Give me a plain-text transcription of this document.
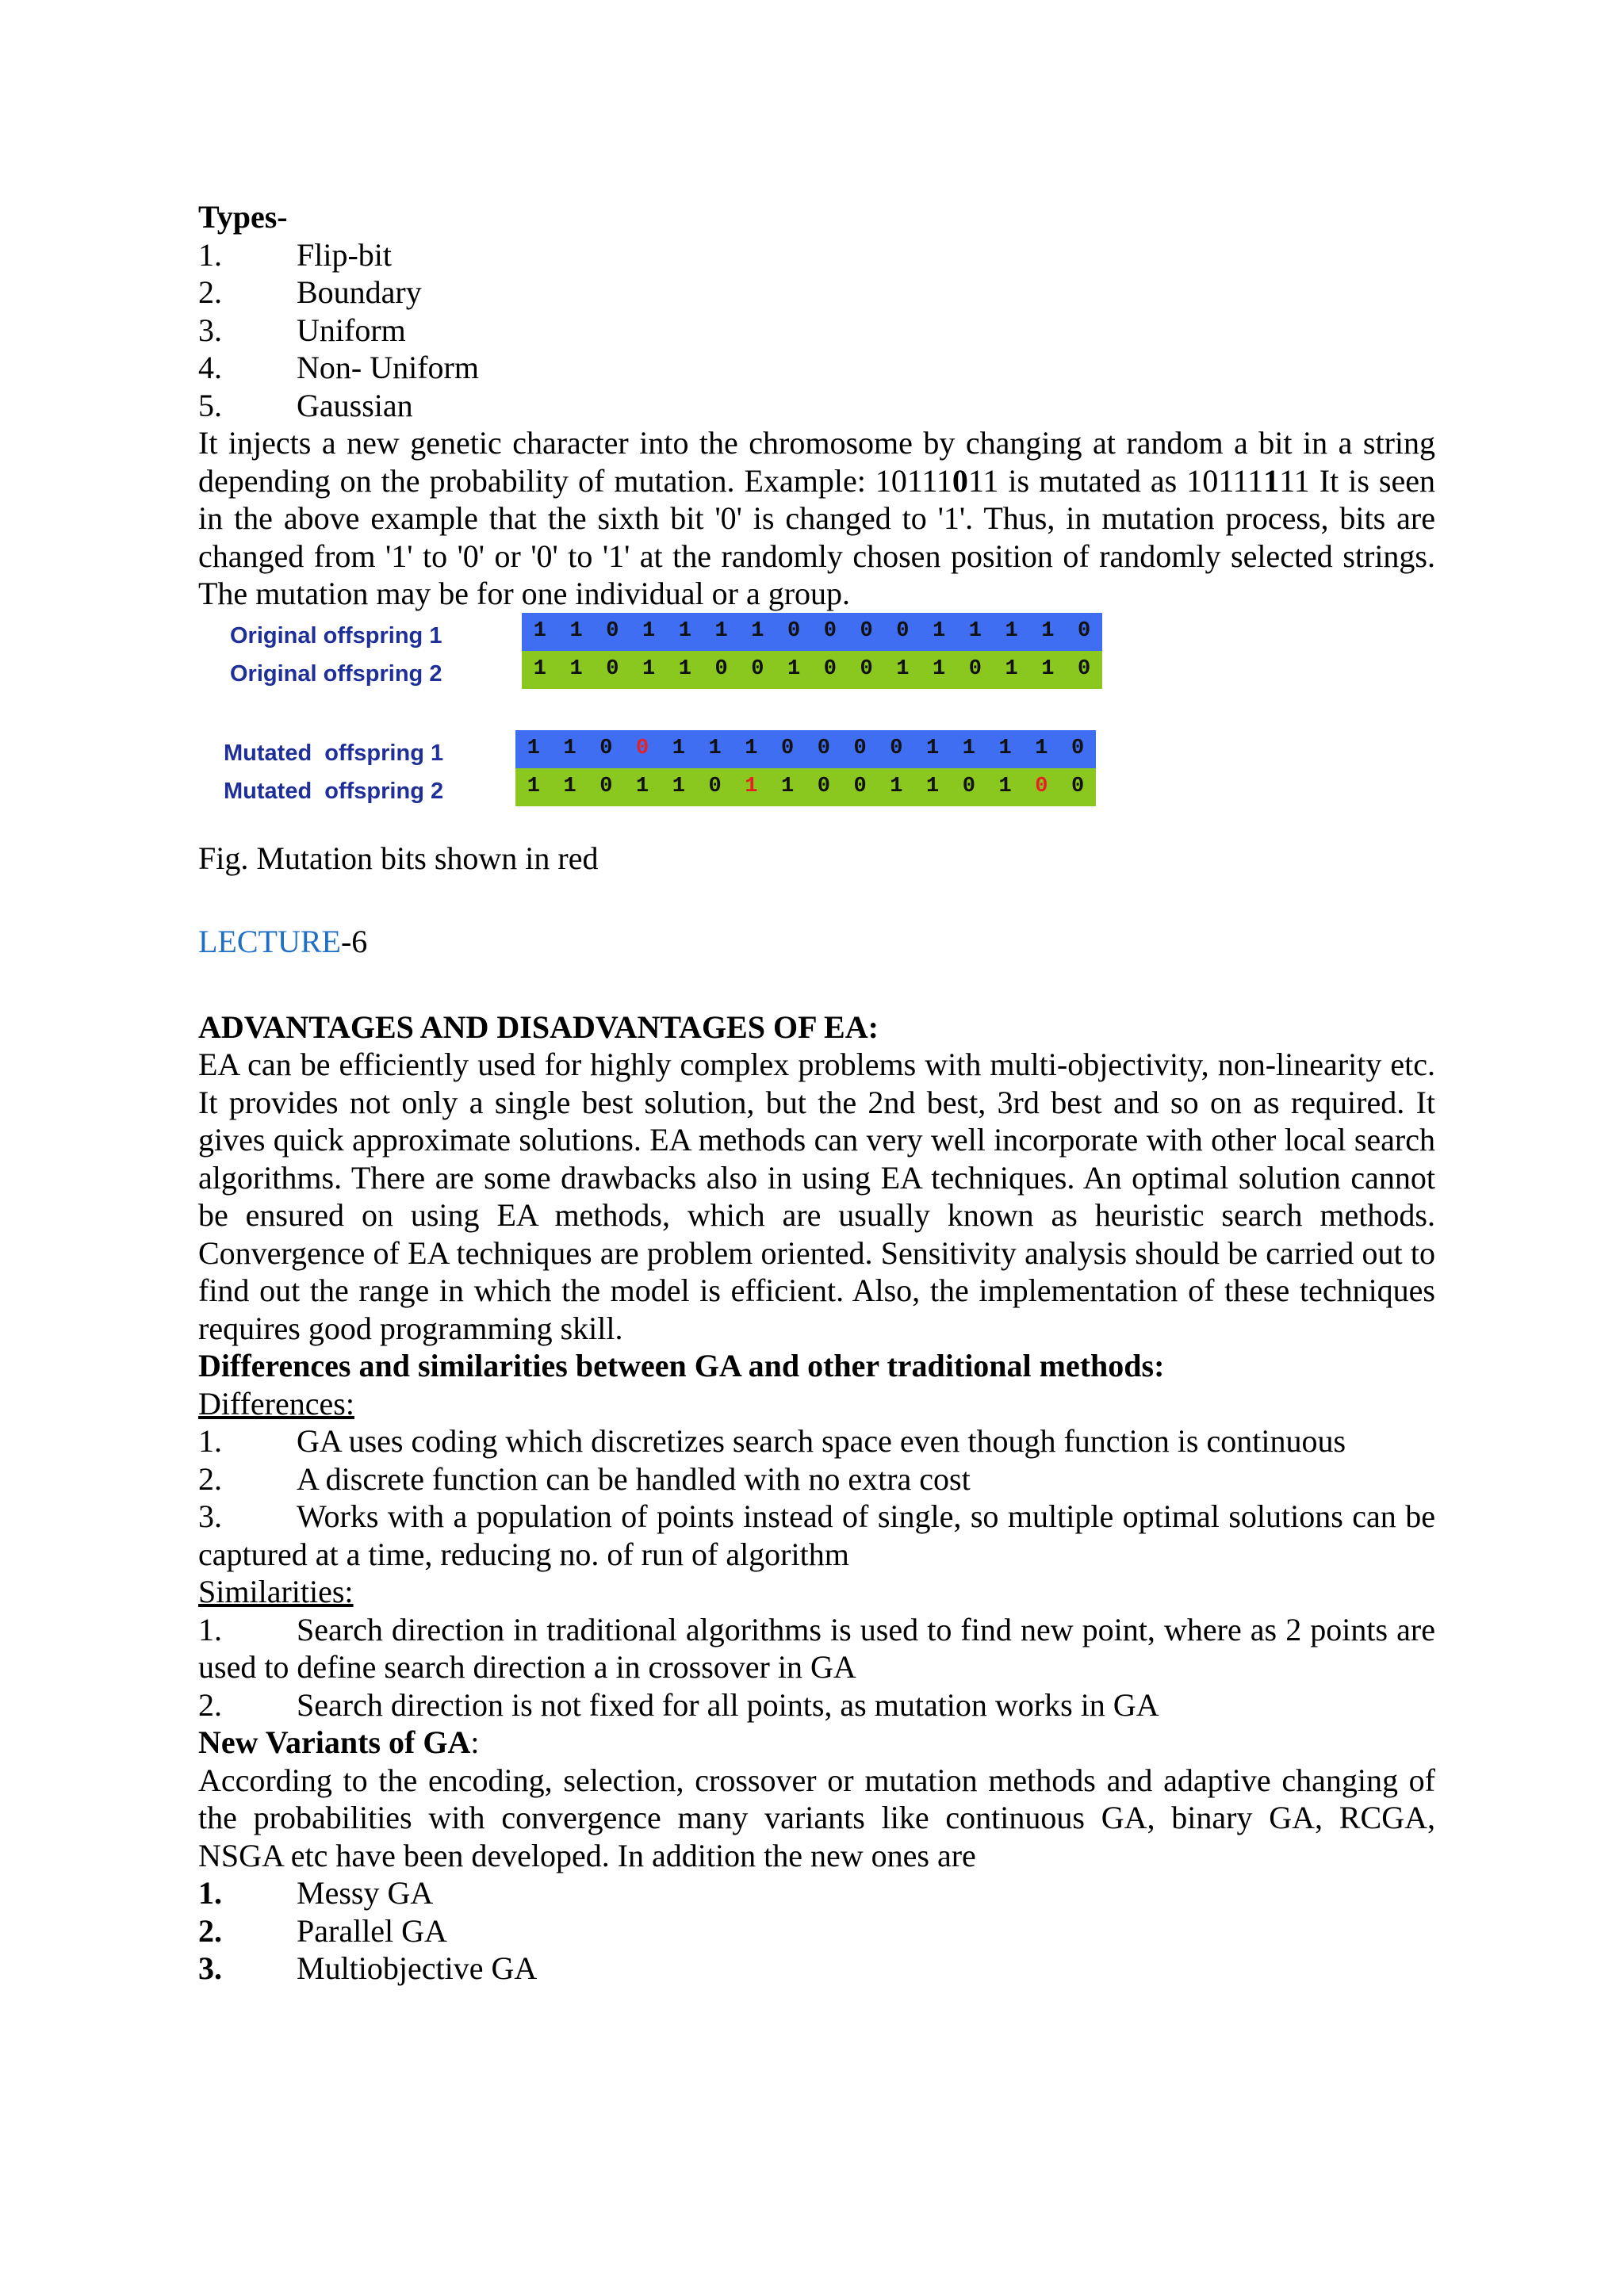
Types-
1. Flip-bit
2. Boundary
3. Uniform
4. Non- Uniform
5. Gaussian
It injects a new genetic character into the chromosome by changing at random a bit in a string depending on the probability of mutation. Example: 10111011 is mutated as 10111111 It is seen in the above example that the sixth bit '0' is changed to '1'. Thus, in mutation process, bits are changed from '1' to '0' or '0' to '1' at the randomly chosen position of randomly selected strings. The mutation may be for one individual or a group.
Original offspring 1	1	1	0	1	1	1	1	0	0	0	0	1	1	1	1	0
Original offspring 2	1	1	0	1	1	0	0	1	0	0	1	1	0	1	1	0
Mutated  offspring 1	1	1	0	0	1	1	1	0	0	0	0	1	1	1	1	0
Mutated  offspring 2	1	1	0	1	1	0	1	1	0	0	1	1	0	1	0	0
Fig. Mutation bits shown in red
LECTURE-6
ADVANTAGES AND DISADVANTAGES OF EA:
EA can be efficiently used for highly complex problems with multi-objectivity, non-linearity etc. It provides not only a single best solution, but the 2nd best, 3rd best and so on as required. It gives quick approximate solutions. EA methods can very well incorporate with other local search algorithms. There are some drawbacks also in using EA techniques. An optimal solution cannot be ensured on using EA methods, which are usually known as heuristic search methods. Convergence of EA techniques are problem oriented. Sensitivity analysis should be carried out to find out the range in which the model is efficient. Also, the implementation of these techniques requires good programming skill.
Differences and similarities between GA and other traditional methods:
Differences:
1. GA uses coding which discretizes search space even though function is continuous
2. A discrete function can be handled with no extra cost
3. Works with a population of points instead of single, so multiple optimal solutions can be captured at a time, reducing no. of run of algorithm
Similarities:
1. Search direction in traditional algorithms is used to find new point, where as 2 points are used to define search direction a in crossover in GA
2. Search direction is not fixed for all points, as mutation works in GA
New Variants of GA:
According to the encoding, selection, crossover or mutation methods and adaptive changing of the probabilities with convergence many variants like continuous GA, binary GA, RCGA, NSGA etc have been developed. In addition the new ones are
1. Messy GA
2. Parallel GA
3. Multiobjective GA
